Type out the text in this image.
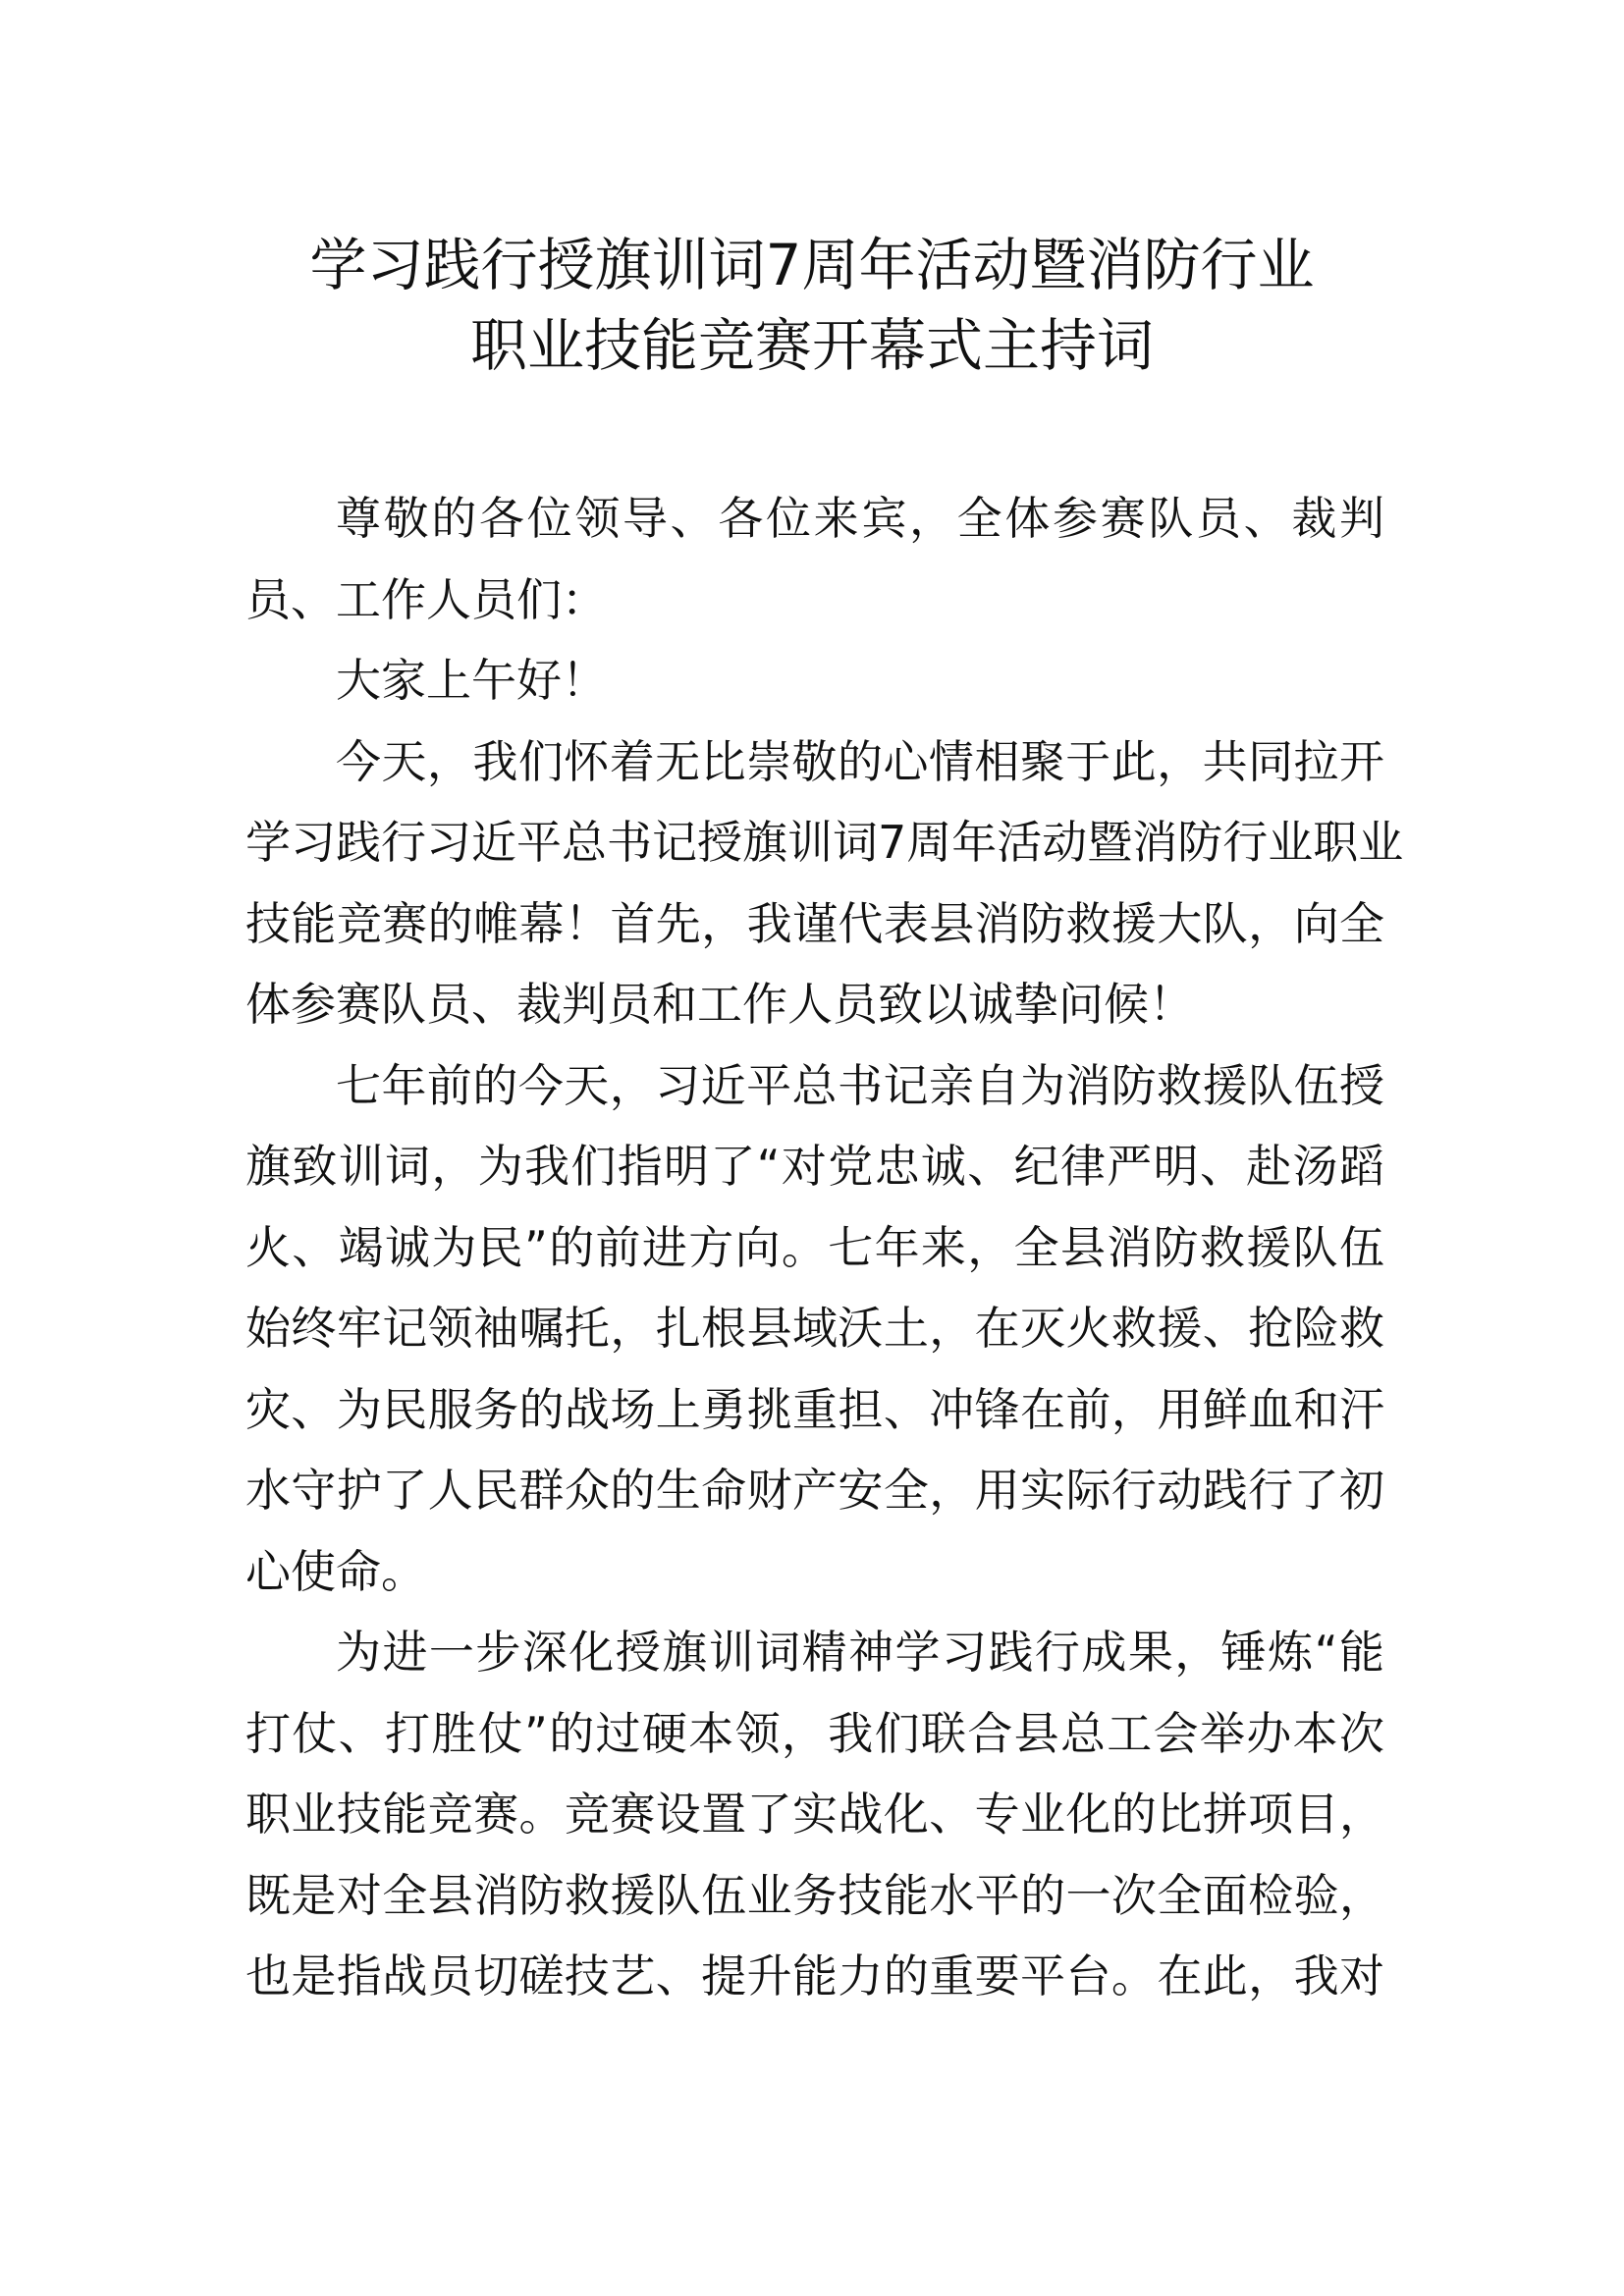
学习践行授旗训词7周年活动暨消防行业
职业技能竞赛开幕式主持词
尊敬的各位领导、各位来宾，全体参赛队员、裁判
员、工作人员们：
大家上午好！
今天，我们怀着无比崇敬的心情相聚于此，共同拉开
学习践行习近平总书记授旗训词7周年活动暨消防行业职业
技能竞赛的帷幕！首先，我谨代表县消防救援大队，向全
体参赛队员、裁判员和工作人员致以诚挚问候！
七年前的今天，习近平总书记亲自为消防救援队伍授
旗致训词，为我们指明了“对党忠诚、纪律严明、赴汤蹈
火、竭诚为民”的前进方向。七年来，全县消防救援队伍
始终牢记领袖嘱托，扎根县域沃土，在灭火救援、抢险救
灾、为民服务的战场上勇挑重担、冲锋在前，用鲜血和汗
水守护了人民群众的生命财产安全，用实际行动践行了初
心使命。
为进一步深化授旗训词精神学习践行成果，锤炼“能
打仗、打胜仗”的过硬本领，我们联合县总工会举办本次
职业技能竞赛。竞赛设置了实战化、专业化的比拼项目，
既是对全县消防救援队伍业务技能水平的一次全面检验，
也是指战员切磋技艺、提升能力的重要平台。在此，我对
